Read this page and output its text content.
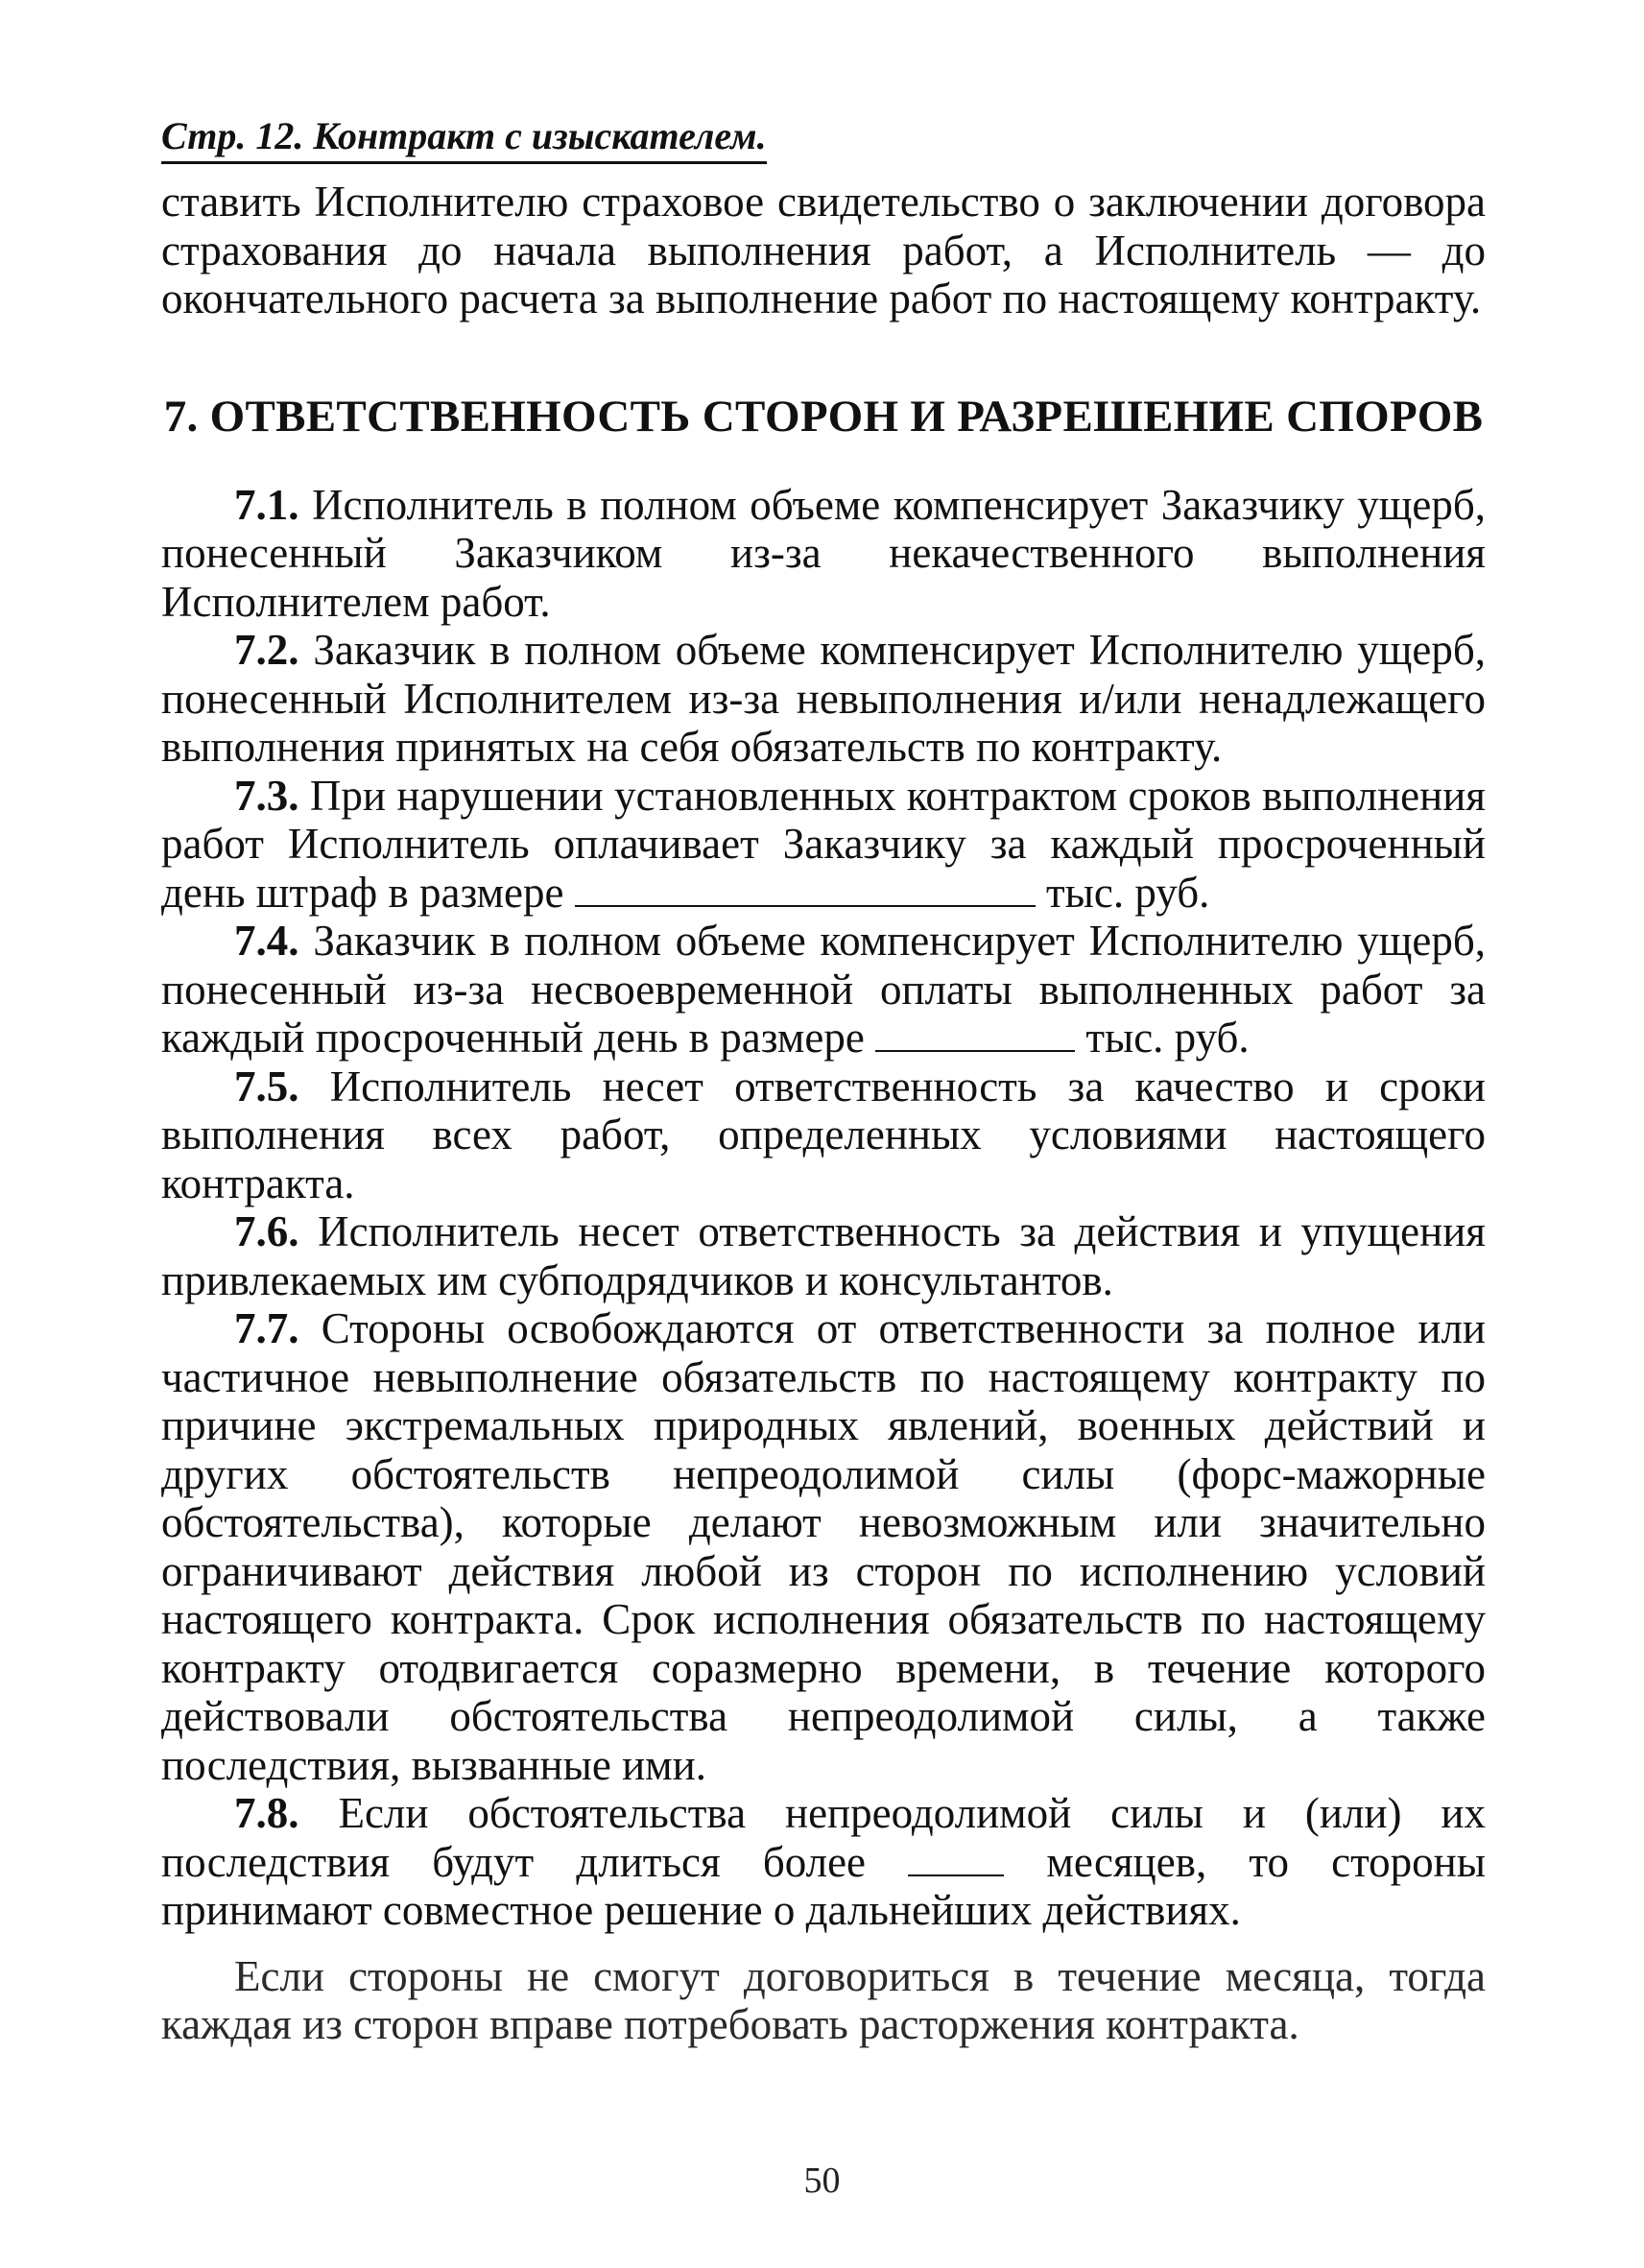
Стр. 12. Контракт с изыскателем.

ставить Исполнителю страховое свидетельство о заключении договора страхования до начала выполнения работ, а Исполнитель — до окончательного расчета за выполнение работ по настоящему контракту.

7. ОТВЕТСТВЕННОСТЬ СТОРОН И РАЗРЕШЕНИЕ СПОРОВ

7.1. Исполнитель в полном объеме компенсирует Заказчику ущерб, понесенный Заказчиком из-за некачественного выполнения Исполнителем работ.

7.2. Заказчик в полном объеме компенсирует Исполнителю ущерб, понесенный Исполнителем из-за невыполнения и/или ненадлежащего выполнения принятых на себя обязательств по контракту.

7.3. При нарушении установленных контрактом сроков выполнения работ Исполнитель оплачивает Заказчику за каждый просроченный день штраф в размере	тыс. руб.

7.4. Заказчик в полном объеме компенсирует Исполнителю ущерб, понесенный из-за несвоевременной оплаты выполненных работ за каждый просроченный день в размере	тыс. руб.

7.5. Исполнитель несет ответственность за качество и сроки выполнения всех работ, определенных условиями настоящего контракта.

7.6. Исполнитель несет ответственность за действия и упущения привлекаемых им субподрядчиков и консультантов.

7.7. Стороны освобождаются от ответственности за полное или частичное невыполнение обязательств по настоящему контракту по причине экстремальных природных явлений, военных действий и других обстоятельств непреодолимой силы (форс-мажорные обстоятельства), которые делают невозможным или значительно ограничивают действия любой из сторон по исполнению условий настоящего контракта. Срок исполнения обязательств по настоящему контракту отодвигается соразмерно времени, в течение которого действовали обстоятельства непреодолимой силы, а также последствия, вызванные ими.

7.8. Если обстоятельства непреодолимой силы и (или) их последствия будут длиться более	месяцев, то стороны принимают совместное решение о дальнейших действиях.

Если стороны не смогут договориться в течение месяца, тогда каждая из сторон вправе потребовать расторжения контракта.

50
